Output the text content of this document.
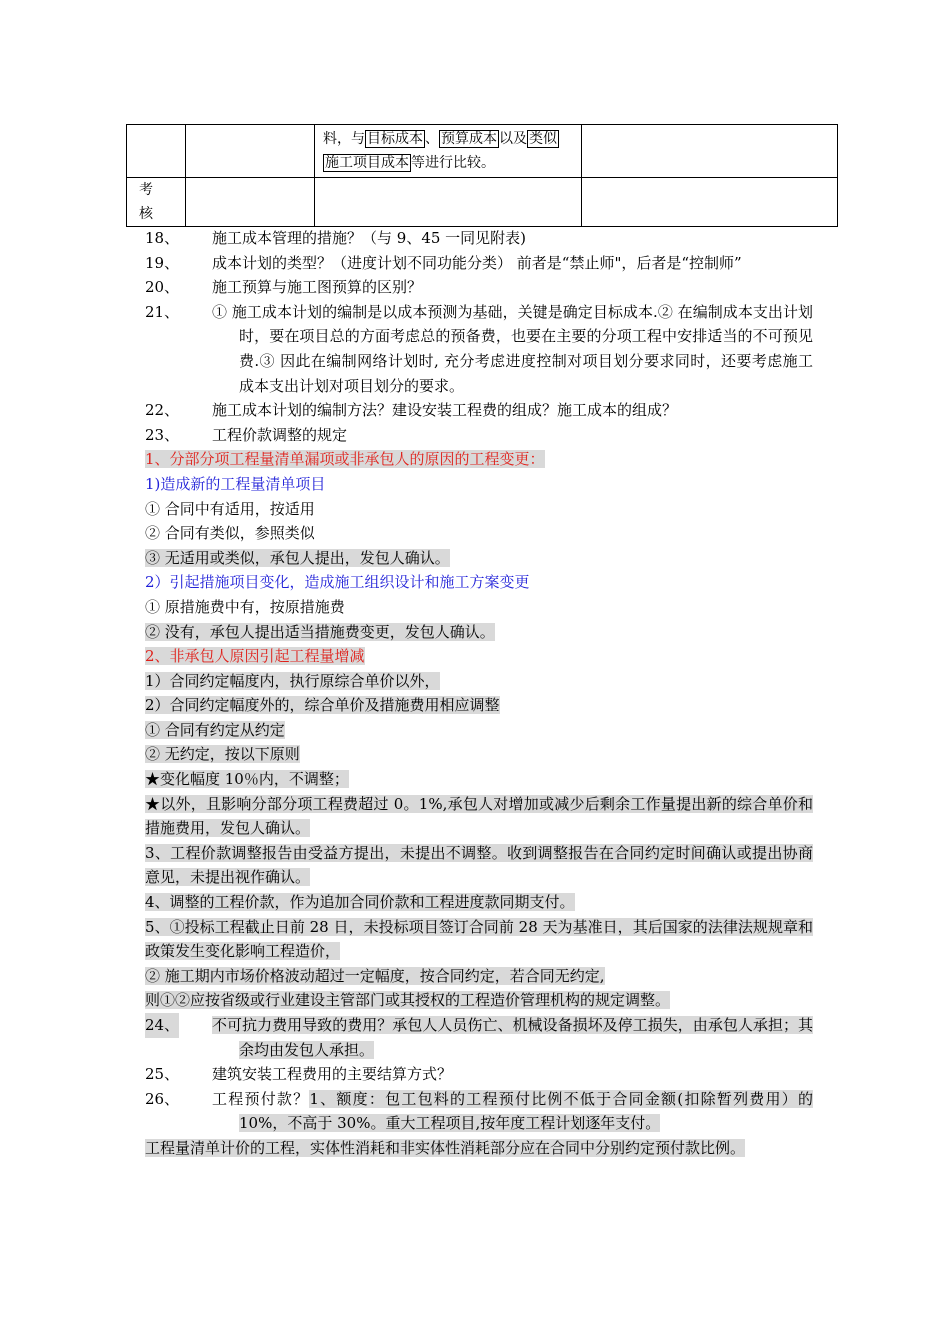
		料，与 目标成本 、 预算成本 以及 类似
施工项目成本 等进行比较。	
考
核			
18、 施工成本管理的措施？（与 9、45 一同见附表)
19、 成本计划的类型？（进度计划不同功能分类） 前者是“禁止师"，后者是“控制师”
20、 施工预算与施工图预算的区别？
21、 ① 施工成本计划的编制是以成本预测为基础，关键是确定目标成本.② 在编制成本支出计划时，要在项目总的方面考虑总的预备费，也要在主要的分项工程中安排适当的不可预见费.③ 因此在编制网络计划时, 充分考虑进度控制对项目划分要求同时，还要考虑施工成本支出计划对项目划分的要求。
22、 施工成本计划的编制方法？建设安装工程费的组成？施工成本的组成？
23、 工程价款调整的规定
1、分部分项工程量清单漏项或非承包人的原因的工程变更：
1)造成新的工程量清单项目
① 合同中有适用，按适用
② 合同有类似，参照类似
③ 无适用或类似，承包人提出，发包人确认。
2）引起措施项目变化，造成施工组织设计和施工方案变更
① 原措施费中有，按原措施费
② 没有，承包人提出适当措施费变更，发包人确认。
2、非承包人原因引起工程量增减
1）合同约定幅度内，执行原综合单价以外，
2）合同约定幅度外的，综合单价及措施费用相应调整
① 合同有约定从约定
② 无约定，按以下原则
★变化幅度 10％内，不调整；
★以外，且影响分部分项工程费超过 0。1%,承包人对增加或减少后剩余工作量提出新的综合单价和措施费用，发包人确认。
3、工程价款调整报告由受益方提出，未提出不调整。收到调整报告在合同约定时间确认或提出协商意见，未提出视作确认。
4、调整的工程价款，作为追加合同价款和工程进度款同期支付。
5、①投标工程截止日前 28 日，未投标项目签订合同前 28 天为基准日，其后国家的法律法规规章和政策发生变化影响工程造价，
② 施工期内市场价格波动超过一定幅度，按合同约定，若合同无约定,
则①②应按省级或行业建设主管部门或其授权的工程造价管理机构的规定调整。
24、 不可抗力费用导致的费用？承包人人员伤亡、机械设备损坏及停工损失，由承包人承担；其余均由发包人承担。
25、 建筑安装工程费用的主要结算方式？
26、 工程预付款？1、额度：包工包料的工程预付比例不低于合同金额(扣除暂列费用）的 10%，不高于 30%。重大工程项目,按年度工程计划逐年支付。
工程量清单计价的工程，实体性消耗和非实体性消耗部分应在合同中分别约定预付款比例。
